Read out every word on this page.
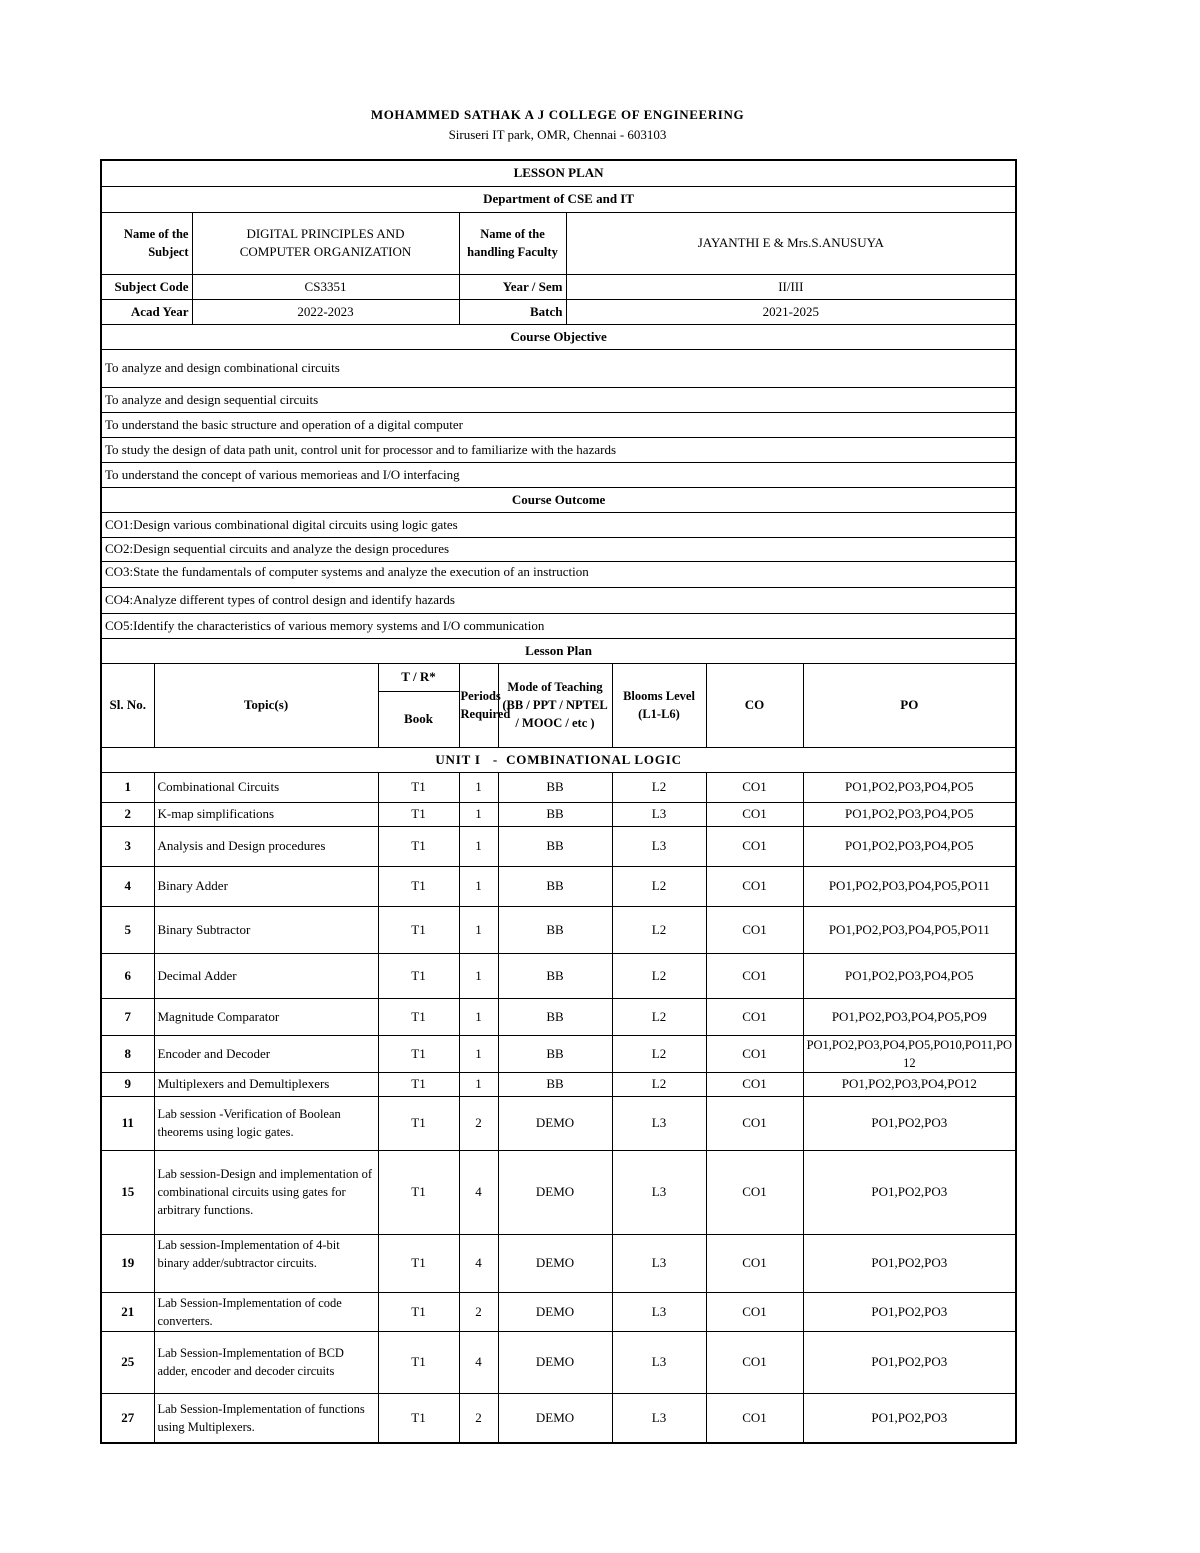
MOHAMMED SATHAK A J COLLEGE OF ENGINEERING
Siruseri IT park, OMR, Chennai - 603103
LESSON PLAN									
Department of CSE and IT									
Name of the Subject		DIGITAL PRINCIPLES AND COMPUTER ORGANIZATION		Name of the handling Faculty		JAYANTHI E & Mrs.S.ANUSUYA			
Subject Code		CS3351		Year / Sem		II/III			
Acad Year		2022-2023		Batch		2021-2025			
Course Objective									
To analyze and design combinational circuits									
To analyze and design sequential circuits									
To understand the basic structure and operation of a digital computer									
To study the design of data path unit, control unit for processor and to familiarize with the hazards									
To understand the concept of various memorieas and I/O interfacing									
Course Outcome									
CO1:Design various combinational digital circuits using logic gates									
CO2:Design sequential circuits and analyze the design procedures									
CO3:State the fundamentals of computer systems and analyze the execution of an instruction									
CO4:Analyze different types of control design and identify hazards									
CO5:Identify the characteristics of various memory systems and I/O communication									
Lesson Plan									
Sl. No.	Topic(s)		T / R*	Periods Required	Mode of Teaching (BB / PPT / NPTEL / MOOC / etc )		Blooms Level (L1-L6)	CO	PO
			Book						
UNIT I   -  COMBINATIONAL LOGIC									
1	Combinational Circuits		T1	1	BB		L2	CO1	PO1,PO2,PO3,PO4,PO5
2	K-map simplifications		T1	1	BB		L3	CO1	PO1,PO2,PO3,PO4,PO5
3	Analysis and Design procedures		T1	1	BB		L3	CO1	PO1,PO2,PO3,PO4,PO5
4	Binary Adder		T1	1	BB		L2	CO1	PO1,PO2,PO3,PO4,PO5,PO11
5	Binary Subtractor		T1	1	BB		L2	CO1	PO1,PO2,PO3,PO4,PO5,PO11
6	Decimal Adder		T1	1	BB		L2	CO1	PO1,PO2,PO3,PO4,PO5
7	Magnitude Comparator		T1	1	BB		L2	CO1	PO1,PO2,PO3,PO4,PO5,PO9
8	Encoder and Decoder		T1	1	BB		L2	CO1	PO1,PO2,PO3,PO4,PO5,PO10,PO11,PO12
9	Multiplexers and Demultiplexers		T1	1	BB		L2	CO1	PO1,PO2,PO3,PO4,PO12
11	Lab session -Verification of Boolean theorems using logic gates.		T1	2	DEMO		L3	CO1	PO1,PO2,PO3
15	Lab session-Design and implementation of combinational circuits using gates for arbitrary functions.		T1	4	DEMO		L3	CO1	PO1,PO2,PO3
19	Lab session-Implementation of 4-bit binary adder/subtractor circuits.		T1	4	DEMO		L3	CO1	PO1,PO2,PO3
21	Lab Session-Implementation of code converters.		T1	2	DEMO		L3	CO1	PO1,PO2,PO3
25	Lab Session-Implementation of BCD adder, encoder and decoder circuits		T1	4	DEMO		L3	CO1	PO1,PO2,PO3
27	Lab Session-Implementation of functions using Multiplexers.		T1	2	DEMO		L3	CO1	PO1,PO2,PO3
